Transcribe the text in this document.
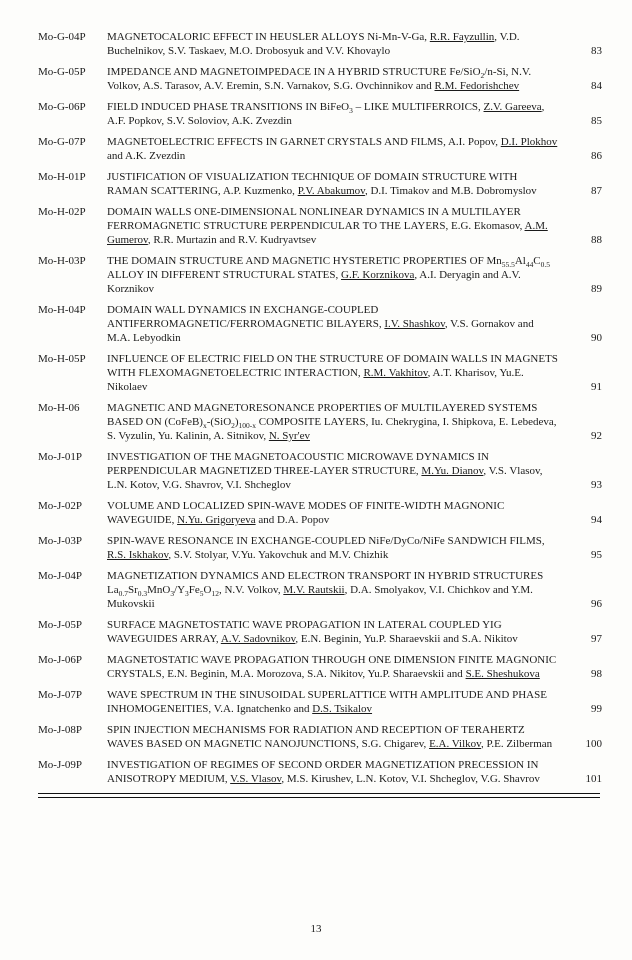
Mo-G-04P	MAGNETOCALORIC EFFECT IN HEUSLER ALLOYS Ni-Mn-V-Ga, R.R. Fayzullin, V.D. Buchelnikov, S.V. Taskaev, M.O. Drobosyuk and V.V. Khovaylo	83
Mo-G-05P	IMPEDANCE AND MAGNETOIMPEDACE IN A HYBRID STRUCTURE Fe/SiO$_2$/n-Si, N.V. Volkov, A.S. Tarasov, A.V. Eremin, S.N. Varnakov, S.G. Ovchinnikov and R.M. Fedorishchev	84
Mo-G-06P	FIELD INDUCED PHASE TRANSITIONS IN BiFeO$_3$ – LIKE MULTIFERROICS, Z.V. Gareeva, A.F. Popkov, S.V. Soloviov, A.K. Zvezdin	85
Mo-G-07P	MAGNETOELECTRIC EFFECTS IN GARNET CRYSTALS AND FILMS, A.I. Popov, D.I. Plokhov and A.K. Zvezdin	86
Mo-H-01P	JUSTIFICATION OF VISUALIZATION TECHNIQUE OF DOMAIN STRUCTURE WITH RAMAN SCATTERING, A.P. Kuzmenko, P.V. Abakumov, D.I. Timakov and M.B. Dobromyslov	87
Mo-H-02P	DOMAIN WALLS ONE-DIMENSIONAL NONLINEAR DYNAMICS IN A MULTILAYER FERROMAGNETIC STRUCTURE PERPENDICULAR TO THE LAYERS, E.G. Ekomasov, A.M. Gumerov, R.R. Murtazin and R.V. Kudryavtsev	88
Mo-H-03P	THE DOMAIN STRUCTURE AND MAGNETIC HYSTERETIC PROPERTIES OF $Mn_{55.5}Al_{44}C_{0.5}$ ALLOY IN DIFFERENT STRUCTURAL STATES, G.F. Korznikova, A.I. Deryagin and A.V. Korznikov	89
Mo-H-04P	DOMAIN WALL DYNAMICS IN EXCHANGE-COUPLED ANTIFERROMAGNETIC/FERROMAGNETIC BILAYERS, I.V. Shashkov, V.S. Gornakov and M.A. Lebyodkin	90
Mo-H-05P	INFLUENCE OF ELECTRIC FIELD ON THE STRUCTURE OF DOMAIN WALLS IN MAGNETS WITH FLEXOMAGNETOELECTRIC INTERACTION, R.M. Vakhitov, A.T. Kharisov, Yu.E. Nikolaev	91
Mo-H-06	MAGNETIC AND MAGNETORESONANCE PROPERTIES OF MULTILAYERED SYSTEMS BASED ON $(CoFeB)_x-(SiO_2)_{100-x}$ COMPOSITE LAYERS, Iu. Chekrygina, I. Shipkova, E. Lebedeva, S. Vyzulin, Yu. Kalinin, A. Sitnikov, N. Syr'ev	92
Mo-J-01P	INVESTIGATION OF THE MAGNETOACOUSTIC MICROWAVE DYNAMICS IN PERPENDICULAR MAGNETIZED THREE-LAYER STRUCTURE, M.Yu. Dianov, V.S. Vlasov, L.N. Kotov, V.G. Shavrov, V.I. Shcheglov	93
Mo-J-02P	VOLUME AND LOCALIZED SPIN-WAVE MODES OF FINITE-WIDTH MAGNONIC WAVEGUIDE, N.Yu. Grigoryeva and D.A. Popov	94
Mo-J-03P	SPIN-WAVE RESONANCE IN EXCHANGE-COUPLED NiFe/DyCo/NiFe SANDWICH FILMS, R.S. Iskhakov, S.V. Stolyar, V.Yu. Yakovchuk and M.V. Chizhik	95
Mo-J-04P	MAGNETIZATION DYNAMICS AND ELECTRON TRANSPORT IN HYBRID STRUCTURES $La_{0.7}Sr_{0.3}MnO_3/Y_3Fe_5O_{12}$, N.V. Volkov, M.V. Rautskii, D.A. Smolyakov, V.I. Chichkov and Y.M. Mukovskii	96
Mo-J-05P	SURFACE MAGNETOSTATIC WAVE PROPAGATION IN LATERAL COUPLED YIG WAVEGUIDES ARRAY, A.V. Sadovnikov, E.N. Beginin, Yu.P. Sharaevskii and S.A. Nikitov	97
Mo-J-06P	MAGNETOSTATIC WAVE PROPAGATION THROUGH ONE DIMENSION FINITE MAGNONIC CRYSTALS, E.N. Beginin, M.A. Morozova, S.A. Nikitov, Yu.P. Sharaevskii and S.E. Sheshukova	98
Mo-J-07P	WAVE SPECTRUM IN THE SINUSOIDAL SUPERLATTICE WITH AMPLITUDE AND PHASE INHOMOGENEITIES, V.A. Ignatchenko and D.S. Tsikalov	99
Mo-J-08P	SPIN INJECTION MECHANISMS FOR RADIATION AND RECEPTION OF TERAHERTZ WAVES BASED ON MAGNETIC NANOJUNCTIONS, S.G. Chigarev, E.A. Vilkov, P.E. Zilberman	100
Mo-J-09P	INVESTIGATION OF REGIMES OF SECOND ORDER MAGNETIZATION PRECESSION IN ANISOTROPY MEDIUM, V.S. Vlasov, M.S. Kirushev, L.N. Kotov, V.I. Shcheglov, V.G. Shavrov	101
13
